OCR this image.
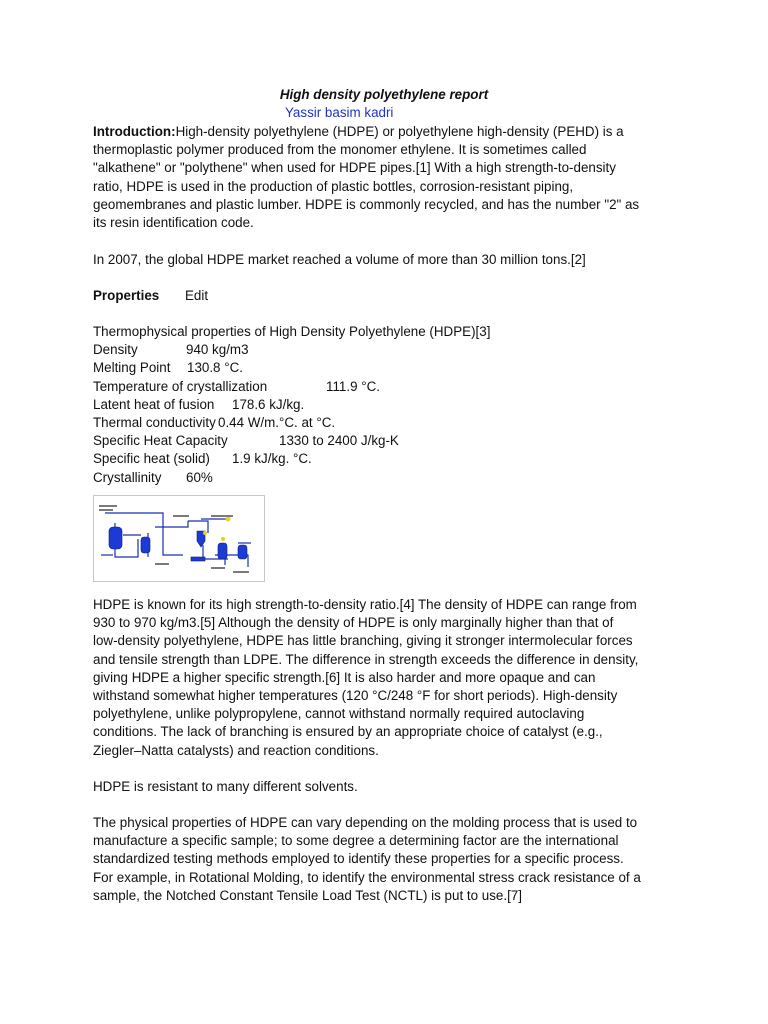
High density polyethylene report
Yassir basim kadri
Introduction:High-density polyethylene (HDPE) or polyethylene high-density (PEHD) is a
thermoplastic polymer produced from the monomer ethylene. It is sometimes called
"alkathene" or "polythene" when used for HDPE pipes.[1] With a high strength-to-density
ratio, HDPE is used in the production of plastic bottles, corrosion-resistant piping,
geomembranes and plastic lumber. HDPE is commonly recycled, and has the number "2" as
its resin identification code.
In 2007, the global HDPE market reached a volume of more than 30 million tons.[2]
Properties Edit
Thermophysical properties of High Density Polyethylene (HDPE)[3]
Density	940 kg/m3
Melting Point 130.8 °C.
Temperature of crystallization	111.9 °C.
Latent heat of fusion 178.6 kJ/kg.
Thermal conductivity 0.44 W/m.°C. at °C.
Specific Heat Capacity	1330 to 2400 J/kg-K
Specific heat (solid) 1.9 kJ/kg. °C.
Crystallinity 60%
HDPE is known for its high strength-to-density ratio.[4] The density of HDPE can range from
930 to 970 kg/m3.[5] Although the density of HDPE is only marginally higher than that of
low-density polyethylene, HDPE has little branching, giving it stronger intermolecular forces
and tensile strength than LDPE. The difference in strength exceeds the difference in density,
giving HDPE a higher specific strength.[6] It is also harder and more opaque and can
withstand somewhat higher temperatures (120 °C/248 °F for short periods). High-density
polyethylene, unlike polypropylene, cannot withstand normally required autoclaving
conditions. The lack of branching is ensured by an appropriate choice of catalyst (e.g.,
Ziegler–Natta catalysts) and reaction conditions.
HDPE is resistant to many different solvents.
The physical properties of HDPE can vary depending on the molding process that is used to
manufacture a specific sample; to some degree a determining factor are the international
standardized testing methods employed to identify these properties for a specific process.
For example, in Rotational Molding, to identify the environmental stress crack resistance of a
sample, the Notched Constant Tensile Load Test (NCTL) is put to use.[7]
